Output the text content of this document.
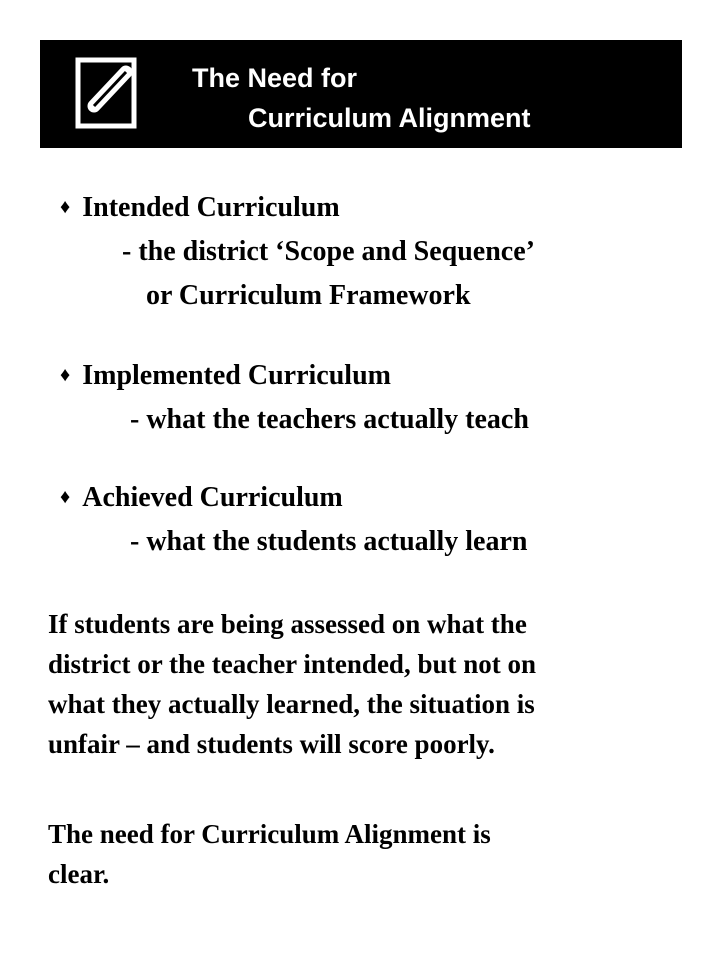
The Need for
Curriculum Alignment
♦ Intended Curriculum
- the district ‘Scope and Sequence’
or Curriculum Framework
♦ Implemented Curriculum
- what the teachers actually teach
♦ Achieved Curriculum
- what the students actually learn

If students are being assessed on what the
district or the teacher intended, but not on
what they actually learned, the situation is
unfair – and students will score poorly.

The need for Curriculum Alignment is
clear.
